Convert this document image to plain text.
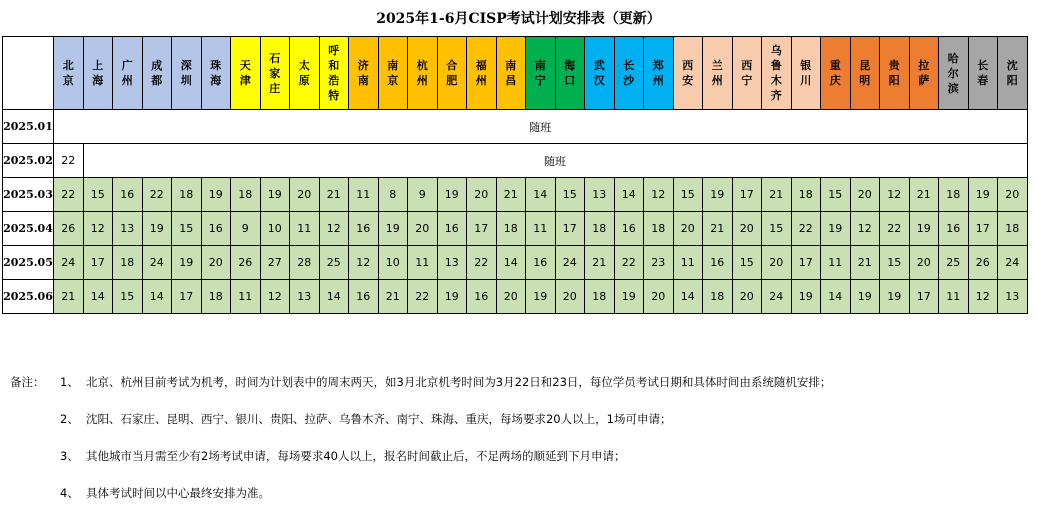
2025年1-6月CISP考试计划安排表（更新）
	北京	上海	广州	成都	深圳	珠海	天津	石家庄	太原	呼和浩特	济南	南京	杭州	合肥	福州	南昌	南宁	海口	武汉	长沙	郑州	西安	兰州	西宁	乌鲁木齐	银川	重庆	昆明	贵阳	拉萨	哈尔滨	长春	沈阳
2025.01	随班																																
2025.02	22	随班																															
2025.03	22	15	16	22	18	19	18	19	20	21	11	8	9	19	20	21	14	15	13	14	12	15	19	17	21	18	15	20	12	21	18	19	20
2025.04	26	12	13	19	15	16	9	10	11	12	16	19	20	16	17	18	11	17	18	16	18	20	21	20	15	22	19	12	22	19	16	17	18
2025.05	24	17	18	24	19	20	26	27	28	25	12	10	11	13	22	14	16	24	21	22	23	11	16	15	20	17	11	21	15	20	25	26	24
2025.06	21	14	15	14	17	18	11	12	13	14	16	21	22	19	16	20	19	20	18	19	20	14	18	20	24	19	14	19	19	17	11	12	13
备注： 1、 北京、杭州目前考试为机考，时间为计划表中的周末两天，如3月北京机考时间为3月22日和23日，每位学员考试日期和具体时间由系统随机安排；
2、 沈阳、石家庄、昆明、西宁、银川、贵阳、拉萨、乌鲁木齐、南宁、珠海、重庆，每场要求20人以上，1场可申请；
3、 其他城市当月需至少有2场考试申请，每场要求40人以上，报名时间截止后，不足两场的顺延到下月申请；
4、 具体考试时间以中心最终安排为准。
